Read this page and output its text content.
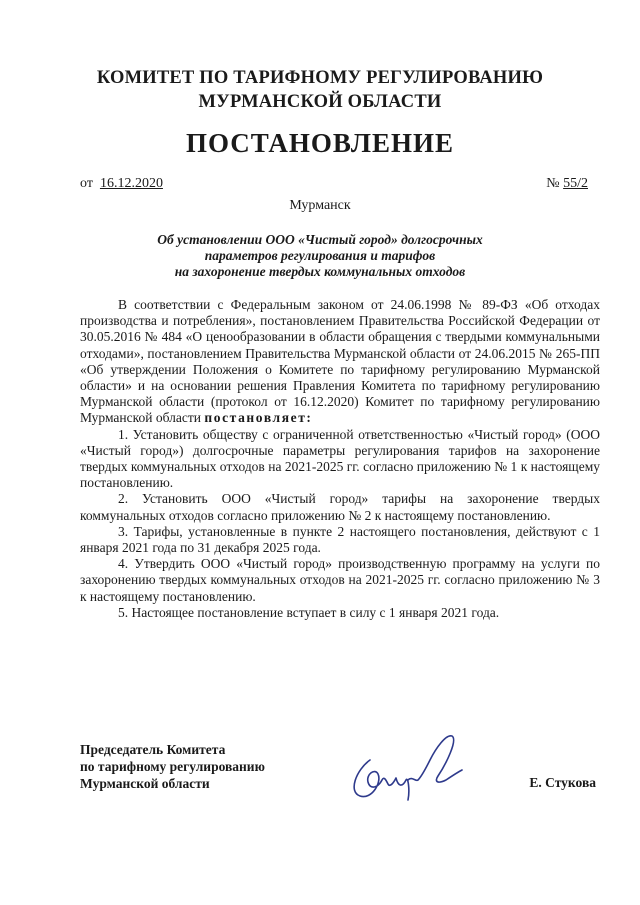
КОМИТЕТ ПО ТАРИФНОМУ РЕГУЛИРОВАНИЮ
МУРМАНСКОЙ ОБЛАСТИ
ПОСТАНОВЛЕНИЕ
от 16.12.2020	№ 55/2
Мурманск
Об установлении ООО «Чистый город» долгосрочных
параметров регулирования и тарифов
на захоронение твердых коммунальных отходов

В соответствии с Федеральным законом от 24.06.1998 № 89-ФЗ «Об отходах производства и потребления», постановлением Правительства Российской Федерации от 30.05.2016 № 484 «О ценообразовании в области обращения с твердыми коммунальными отходами», постановлением Правительства Мурманской области от 24.06.2015 № 265-ПП «Об утверждении Положения о Комитете по тарифному регулированию Мурманской области» и на основании решения Правления Комитета по тарифному регулированию Мурманской области (протокол от 16.12.2020) Комитет по тарифному регулированию Мурманской области постановляет:

1. Установить обществу с ограниченной ответственностью «Чистый город» (ООО «Чистый город») долгосрочные параметры регулирования тарифов на захоронение твердых коммунальных отходов на 2021-2025 гг. согласно приложению № 1 к настоящему постановлению.

2. Установить ООО «Чистый город» тарифы на захоронение твердых коммунальных отходов согласно приложению № 2 к настоящему постановлению.

3. Тарифы, установленные в пункте 2 настоящего постановления, действуют с 1 января 2021 года по 31 декабря 2025 года.

4. Утвердить ООО «Чистый город» производственную программу на услуги по захоронению твердых коммунальных отходов на 2021-2025 гг. согласно приложению № 3 к настоящему постановлению.

5. Настоящее постановление вступает в силу с 1 января 2021 года.

Председатель Комитета
по тарифному регулированию
Мурманской области	Е. Стукова
